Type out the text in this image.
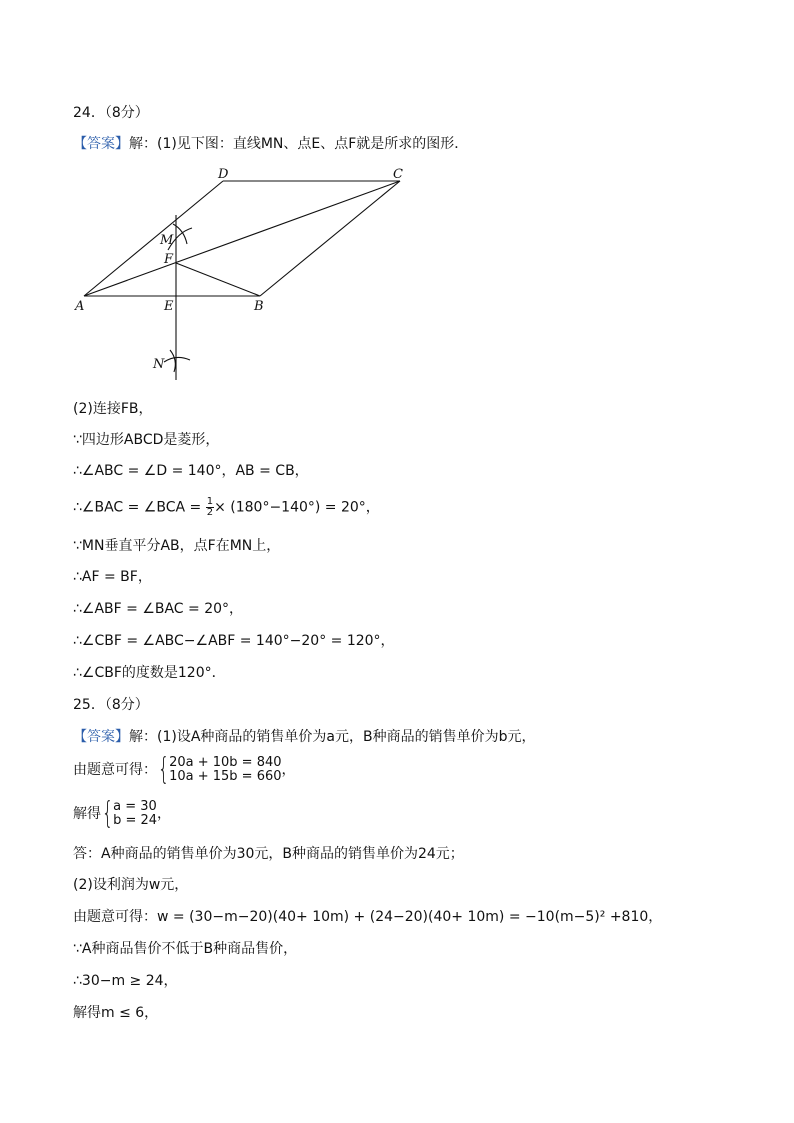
24．（8分）
【答案】解：(1)见下图：直线MN、点E、点F就是所求的图形．
D	C
M
F
A	E	B
N
(2)连接FB，
∵四边形ABCD是菱形，
∴∠ABC = ∠D = 140°，AB = CB，
∴∠BAC = ∠BCA = $\frac{1}{2} \times (180^\circ-140^\circ) = 20^\circ$，
∵MN垂直平分AB，点F在MN上，
∴AF = BF，
∴∠ABF = ∠BAC = 20°，
∴∠CBF = ∠ABC−∠ABF = 140°−20° = 120°，
∴∠CBF的度数是120°．
25．（8分）
【答案】解：(1)设A种商品的销售单价为a元，B种商品的销售单价为b元，
由题意可得：{ 20a + 10b = 840
10a + 15b = 660 ，
解得{ a = 30
b = 24 ，
答：A种商品的销售单价为30元，B种商品的销售单价为24元；
(2)设利润为w元，
由题意可得：w = (30−m−20)(40+ 10m) + (24−20)(40+ 10m) = −10(m−5)² +810，
∵A种商品售价不低于B种商品售价，
∴30−m ≥ 24，
解得m ≤ 6，
